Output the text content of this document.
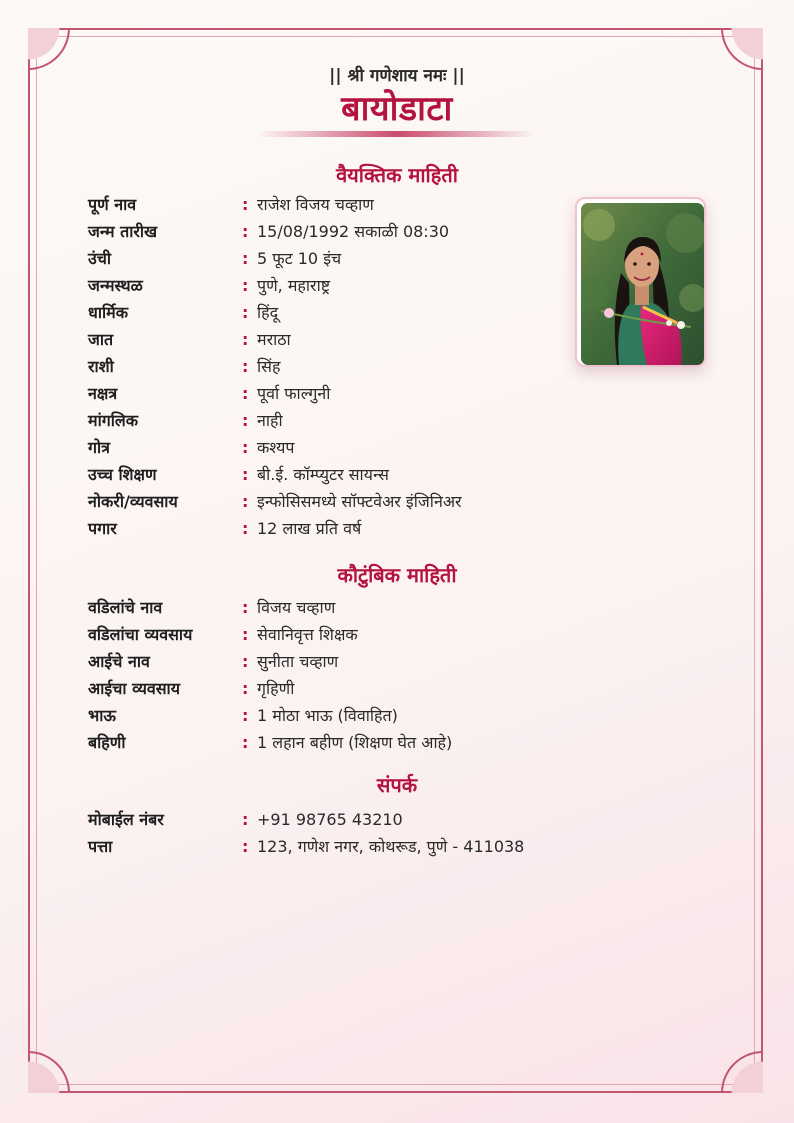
|| श्री गणेशाय नमः ||
बायोडाटा
वैयक्तिक माहिती
पूर्ण नाव	: राजेश विजय चव्हाण
जन्म तारीख	: 15/08/1992 सकाळी 08:30
उंची	: 5 फूट 10 इंच
जन्मस्थळ	: पुणे, महाराष्ट्र
धार्मिक	: हिंदू
जात	: मराठा
राशी	: सिंह
नक्षत्र	: पूर्वा फाल्गुनी
मांगलिक	: नाही
गोत्र	: कश्यप
उच्च शिक्षण	: बी.ई. कॉम्प्युटर सायन्स
नोकरी/व्यवसाय	: इन्फोसिसमध्ये सॉफ्टवेअर इंजिनिअर
पगार	: 12 लाख प्रति वर्ष
कौटुंबिक माहिती
वडिलांचे नाव	: विजय चव्हाण
वडिलांचा व्यवसाय	: सेवानिवृत्त शिक्षक
आईचे नाव	: सुनीता चव्हाण
आईचा व्यवसाय	: गृहिणी
भाऊ	: 1 मोठा भाऊ (विवाहित)
बहिणी	: 1 लहान बहीण (शिक्षण घेत आहे)
संपर्क
मोबाईल नंबर	: +91 98765 43210
पत्ता	: 123, गणेश नगर, कोथरूड, पुणे - 411038
